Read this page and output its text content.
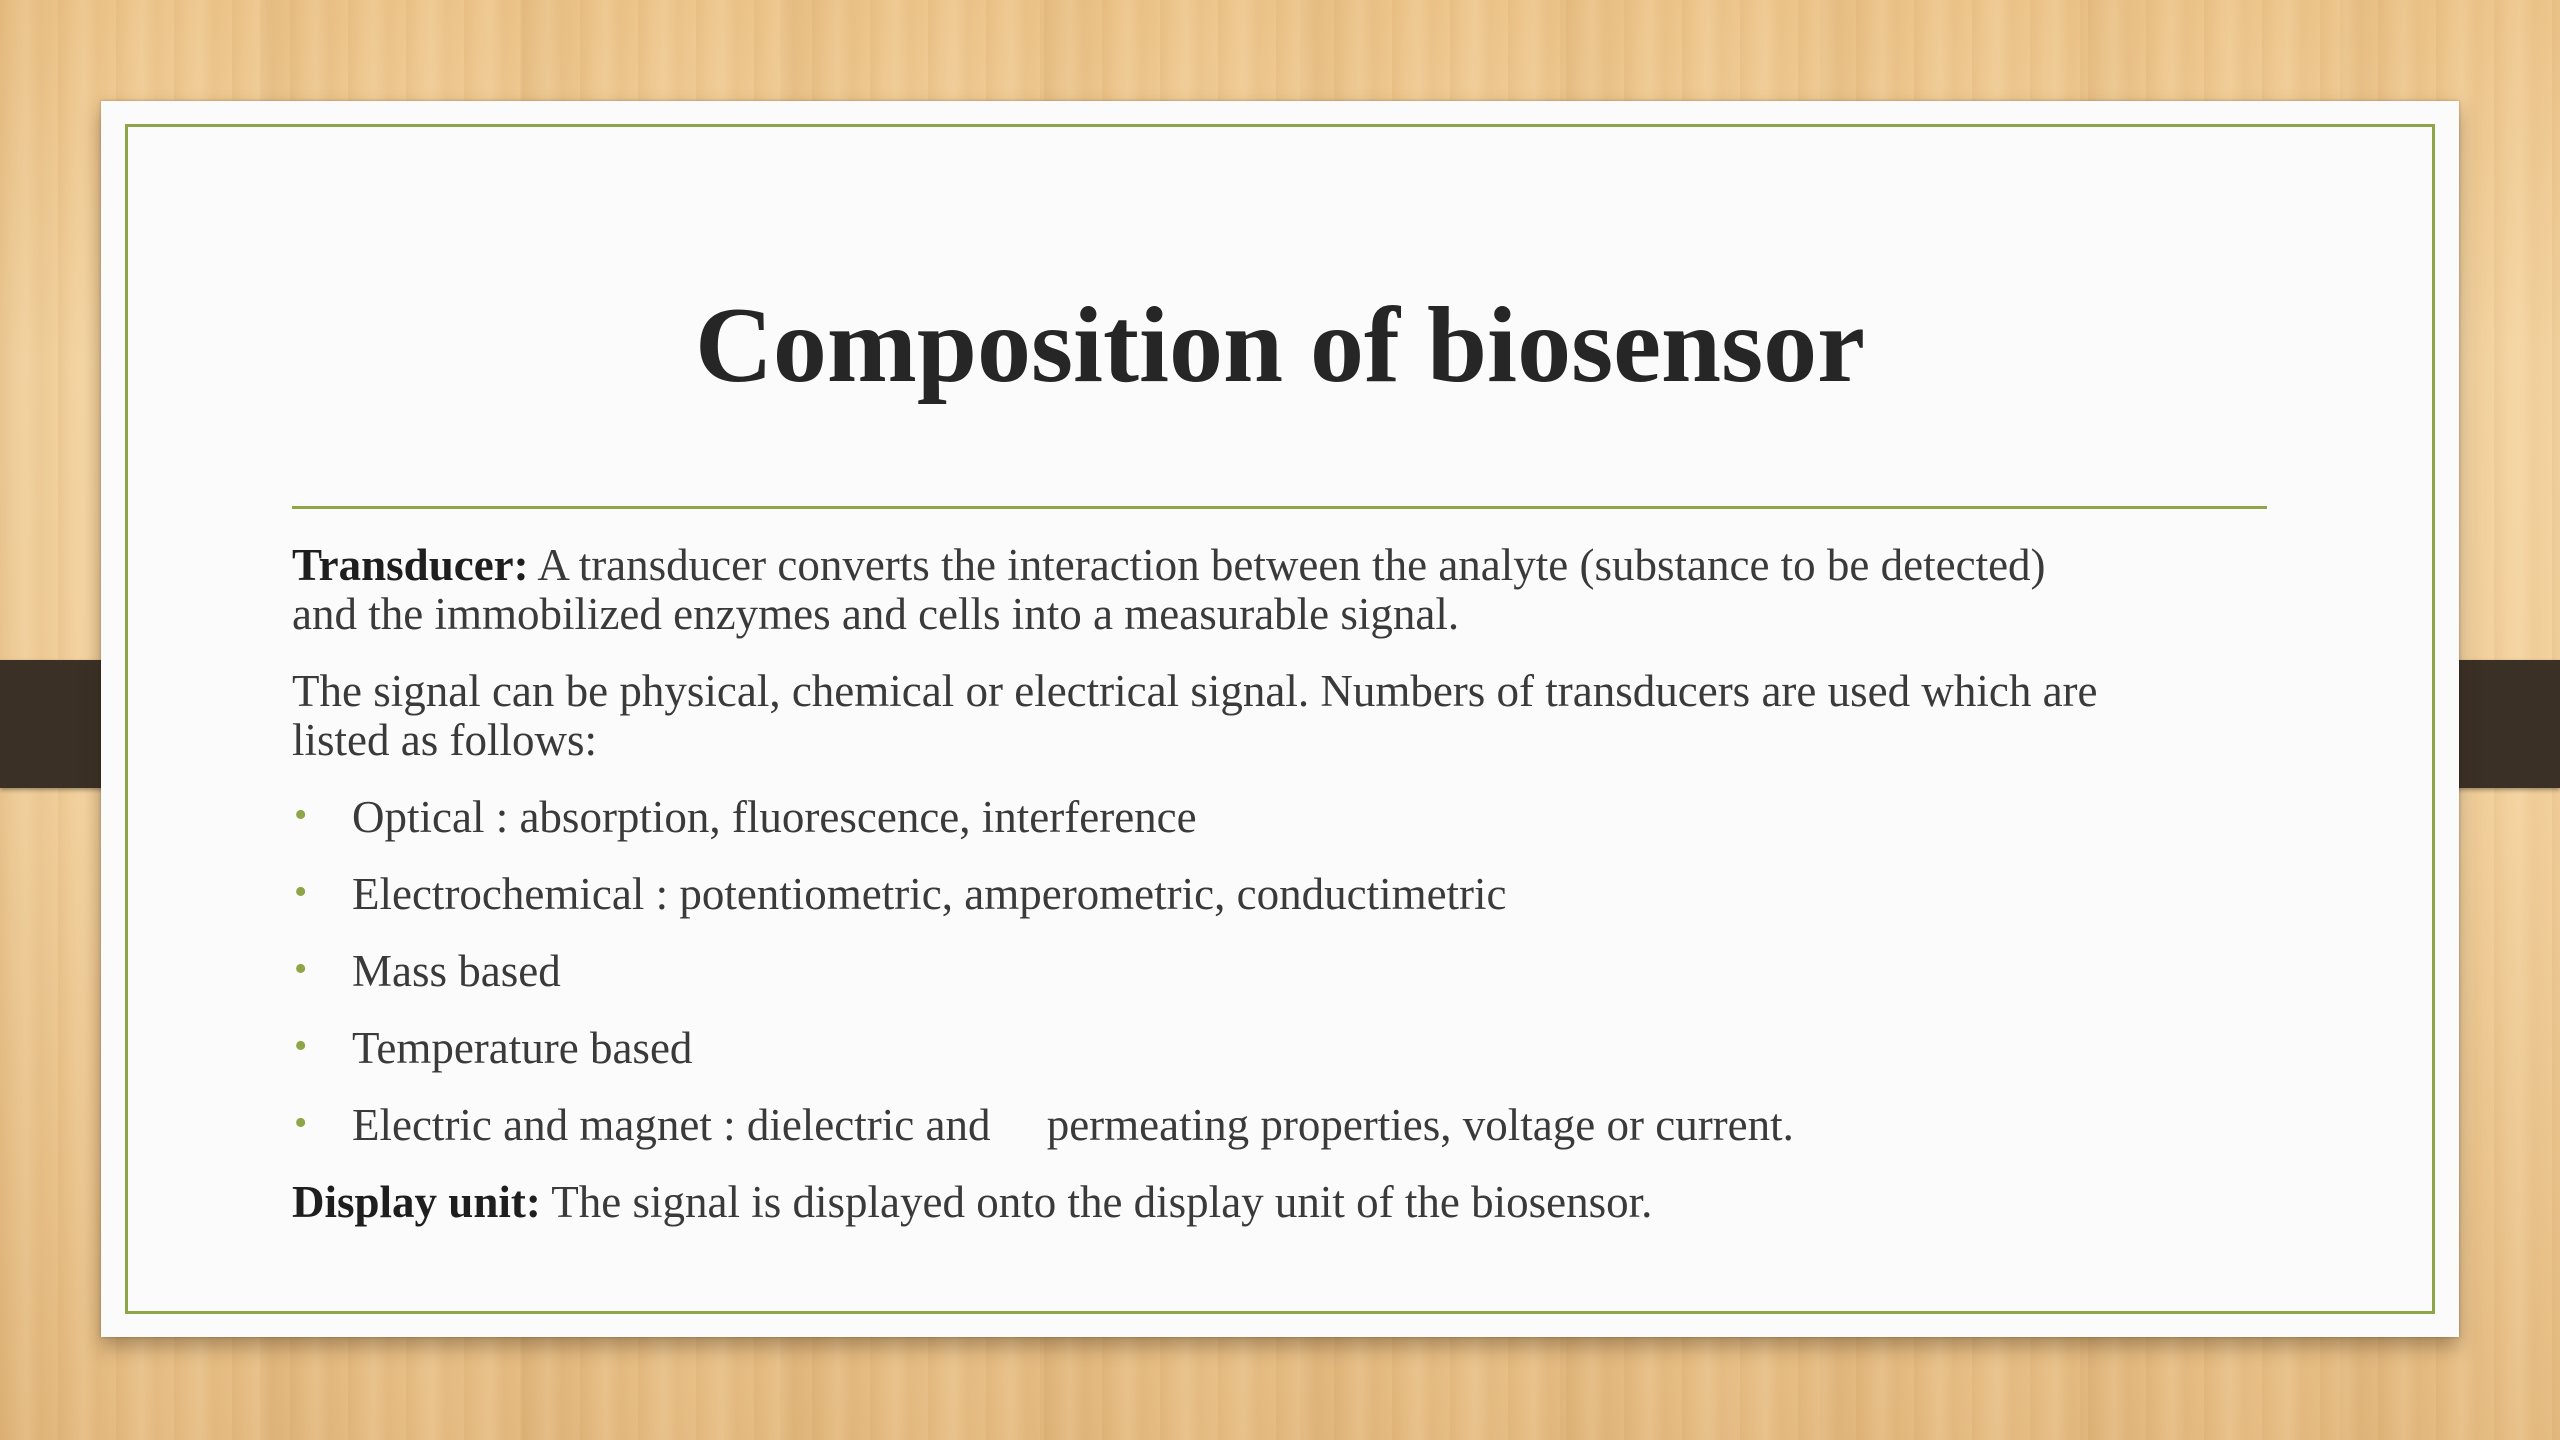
Composition of biosensor

Transducer: A transducer converts the interaction between the analyte (substance to be detected)
and the immobilized enzymes and cells into a measurable signal.

The signal can be physical, chemical or electrical signal. Numbers of transducers are used which are
listed as follows:

• Optical : absorption, fluorescence, interference
• Electrochemical : potentiometric, amperometric, conductimetric
• Mass based
• Temperature based
• Electric and magnet : dielectric and     permeating properties, voltage or current.

Display unit: The signal is displayed onto the display unit of the biosensor.
